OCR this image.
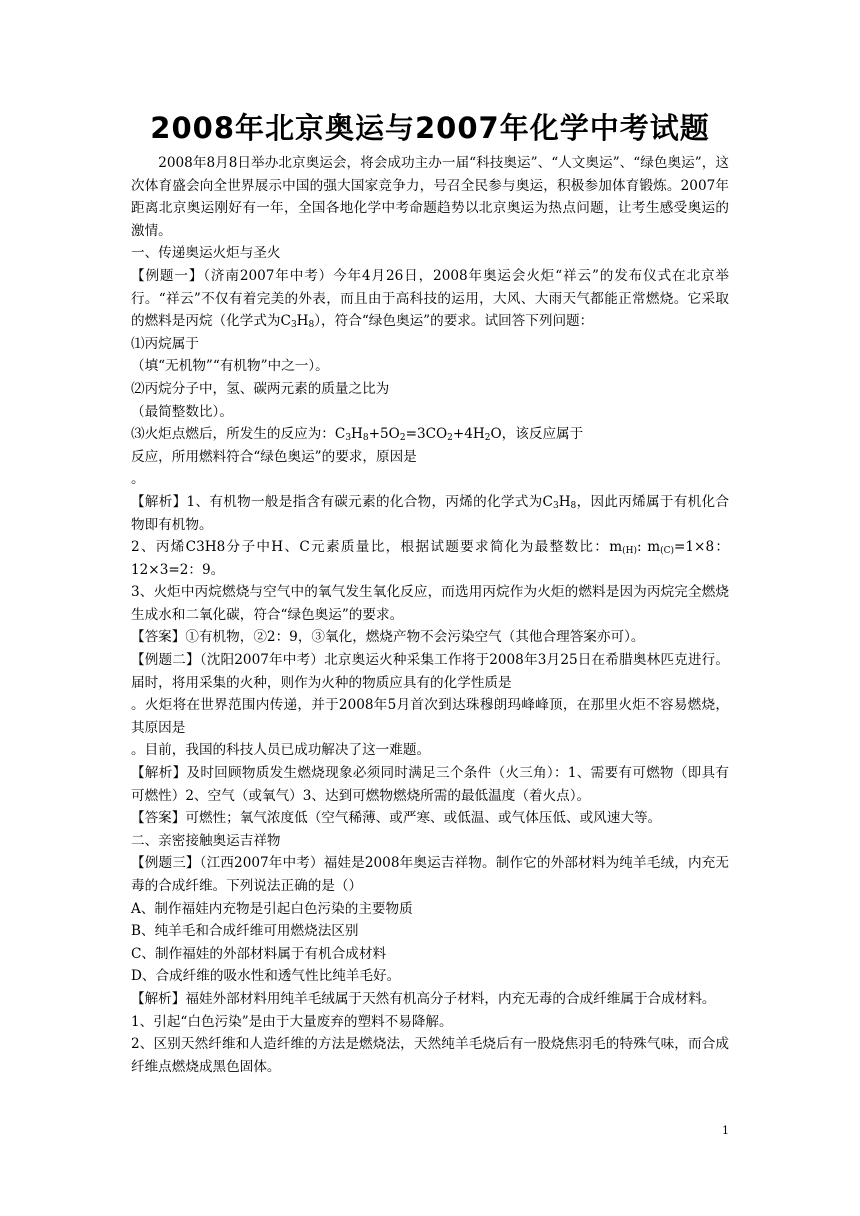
2008年北京奥运与2007年化学中考试题

2008年8月8日举办北京奥运会，将会成功主办一届“科技奥运”、“人文奥运”、“绿色奥运”，这次体育盛会向全世界展示中国的强大国家竞争力，号召全民参与奥运，积极参加体育锻炼。2007年距离北京奥运刚好有一年，全国各地化学中考命题趋势以北京奥运为热点问题，让考生感受奥运的激情。

一、传递奥运火炬与圣火

【例题一】（济南2007年中考）今年4月26日，2008年奥运会火炬“祥云”的发布仪式在北京举行。“祥云”不仅有着完美的外表，而且由于高科技的运用，大风、大雨天气都能正常燃烧。它采取的燃料是丙烷（化学式为$C_3H_8$），符合“绿色奥运”的要求。试回答下列问题：

⑴丙烷属于

（填“无机物”“有机物”中之一）。

⑵丙烷分子中，氢、碳两元素的质量之比为

（最简整数比）。

⑶火炬点燃后，所发生的反应为：$C_3H_8+5O_2=3CO_2+4H_2O$，该反应属于

反应，所用燃料符合“绿色奥运”的要求，原因是

。

【解析】1、有机物一般是指含有碳元素的化合物，丙烯的化学式为$C_3H_8$，因此丙烯属于有机化合物即有机物。

2、丙烯C3H8分子中H、C元素质量比，根据试题要求简化为最整数比：$m_{(H)}$: $m_{(C)}=1\times 8$：12×3=2：9。

3、火炬中丙烷燃烧与空气中的氧气发生氧化反应，而选用丙烷作为火炬的燃料是因为丙烷完全燃烧生成水和二氧化碳，符合“绿色奥运”的要求。

【答案】①有机物，②2：9，③氧化，燃烧产物不会污染空气（其他合理答案亦可）。

【例题二】（沈阳2007年中考）北京奥运火种采集工作将于2008年3月25日在希腊奥林匹克进行。届时，将用采集的火种，则作为火种的物质应具有的化学性质是

。火炬将在世界范围内传递，并于2008年5月首次到达珠穆朗玛峰峰顶，在那里火炬不容易燃烧，其原因是

。目前，我国的科技人员已成功解决了这一难题。

【解析】及时回顾物质发生燃烧现象必须同时满足三个条件（火三角）：1、需要有可燃物（即具有可燃性）2、空气（或氧气）3、达到可燃物燃烧所需的最低温度（着火点）。

【答案】可燃性；氧气浓度低（空气稀薄、或严寒、或低温、或气体压低、或风速大等。

二、亲密接触奥运吉祥物

【例题三】（江西2007年中考）福娃是2008年奥运吉祥物。制作它的外部材料为纯羊毛绒，内充无毒的合成纤维。下列说法正确的是（）

A、制作福娃内充物是引起白色污染的主要物质

B、纯羊毛和合成纤维可用燃烧法区别

C、制作福娃的外部材料属于有机合成材料

D、合成纤维的吸水性和透气性比纯羊毛好。

【解析】福娃外部材料用纯羊毛绒属于天然有机高分子材料，内充无毒的合成纤维属于合成材料。

1、引起“白色污染”是由于大量废弃的塑料不易降解。

2、区别天然纤维和人造纤维的方法是燃烧法，天然纯羊毛烧后有一股烧焦羽毛的特殊气味，而合成纤维点燃烧成黑色固体。

1
